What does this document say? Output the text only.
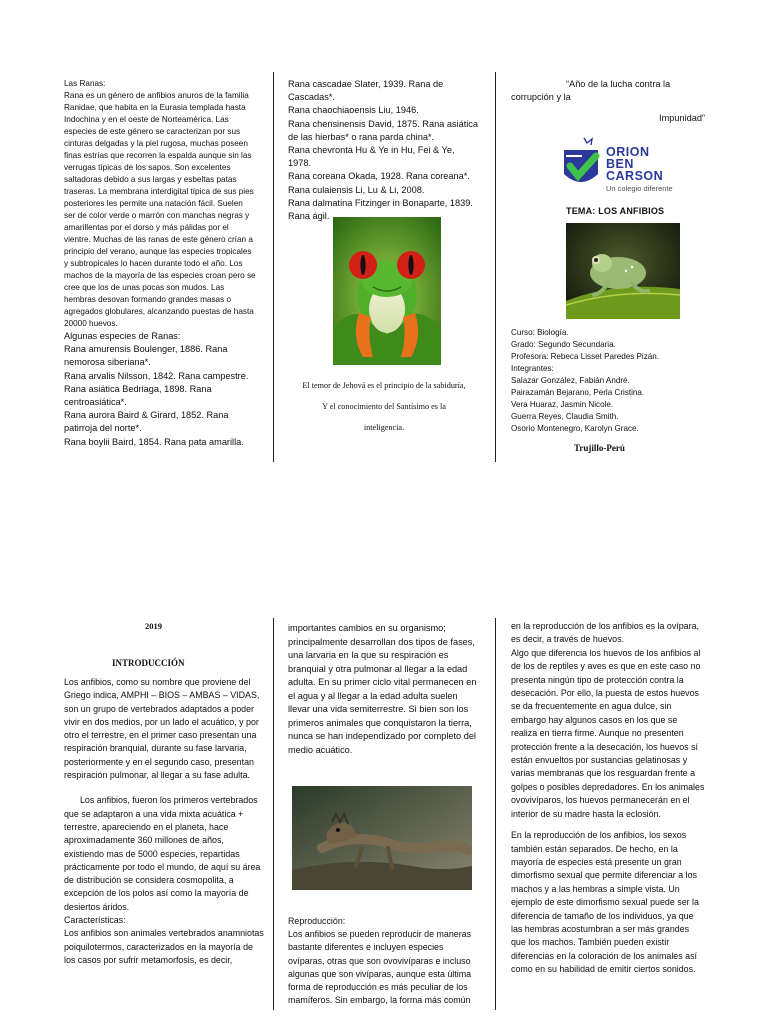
Las Ranas:

Rana es un género de anfibios anuros de la familia Ranidae, que habita en la Eurasia templada hasta Indochina y en el oeste de Norteamérica. Las especies de este género se caracterizan por sus cinturas delgadas y la piel rugosa, muchas poseen finas estrías que recorren la espalda aunque sin las verrugas típicas de los sapos. Son excelentes saltadoras debido a sus largas y esbeltas patas traseras. La membrana interdigital típica de sus pies posteriores les permite una natación fácil. Suelen ser de color verde o marrón con manchas negras y amarillentas por el dorso y más pálidas por el vientre. Muchas de las ranas de este género crían a principio del verano, aunque las especies tropicales y subtropicales lo hacen durante todo el año. Los machos de la mayoría de las especies croan pero se cree que los de unas pocas son mudos. Las hembras desovan formando grandes masas o agregados globulares, alcanzando puestas de hasta 20000 huevos.

Algunas especies de Ranas:

Rana amurensis Boulenger, 1886. Rana nemorosa siberiana*.

Rana arvalis Nilsson, 1842. Rana campestre.

Rana asiática Bedriaga, 1898. Rana centroasiática*.

Rana aurora Baird & Girard, 1852. Rana patirroja del norte*.

Rana boylii Baird, 1854. Rana pata amarilla.

Rana cascadae Slater, 1939. Rana de Cascadas*.

Rana chaochiaoensis Liu, 1946.

Rana chensinensis David, 1875. Rana asiática de las hierbas* o rana parda china*.

Rana chevronta Hu & Ye in Hu, Fei & Ye, 1978.

Rana coreana Okada, 1928. Rana coreana*.

Rana culaiensis Li, Lu & Li, 2008.

Rana dalmatina Fitzinger in Bonaparte, 1839. Rana ágil.

El temor de Jehová es el principio de la sabiduría,

Y el conocimiento del Santísimo es la inteligencia.

“Año de la lucha contra la corrupción y la

Impunidad”

ORION
BEN
CARSON
Un colegio diferente
TEMA: LOS ANFIBIOS

Curso: Biología.

Grado: Segundo Secundaria.

Profesora: Rebeca Lisset Paredes Pizán.

Integrantes:

Salazar González, Fabián André.

Pairazamán Bejarano, Perla Cristina.

Vera Huaraz, Jasmin Nicole.

Guerra Reyes, Claudia Smith.

Osorio Montenegro, Karolyn Grace.

Trujillo-Perú
2019
INTRODUCCIÓN

Los anfibios, como su nombre que proviene del Griego indica, AMPHI – BIOS – AMBAS – VIDAS, son un grupo de vertebrados adaptados a poder vivir en dos medios, por un lado el acuático, y por otro el terrestre, en el primer caso presentan una respiración branquial, durante su fase larvaria, posteriormente y en el segundo caso, presentan respiración pulmonar, al llegar a su fase adulta.

Los anfibios, fueron los primeros vertebrados que se adaptaron a una vida mixta acuática + terrestre, apareciendo en el planeta, hace aproximadamente 360 millones de años, existiendo mas de 5000 especies, repartidas prácticamente por todo el mundo, de aquí su área de distribución se considera cosmopolita, a excepción de los polos así como la mayoría de desiertos áridos.

Características:

Los anfibios son animales vertebrados anamniotas poiquilotermos, caracterizados en la mayoría de los casos por sufrir metamorfosis, es decir,

importantes cambios en su organismo; principalmente desarrollan dos tipos de fases, una larvaria en la que su respiración es branquial y otra pulmonar al llegar a la edad adulta. En su primer ciclo vital permanecen en el agua y al llegar a la edad adulta suelen llevar una vida semiterrestre. Si bien son los primeros animales que conquistaron la tierra, nunca se han independizado por completo del medio acuático.

Reproducción:

Los anfibios se pueden reproducir de maneras bastante diferentes e incluyen especies ovíparas, otras que son ovovivíparas e incluso algunas que son vivíparas, aunque esta última forma de reproducción es más peculiar de los mamíferos. Sin embargo, la forma más común

en la reproducción de los anfibios es la ovípara, es decir, a través de huevos.

Algo que diferencia los huevos de los anfibios al de los de reptiles y aves es que en este caso no presenta ningún tipo de protección contra la desecación. Por ello, la puesta de estos huevos se da frecuentemente en agua dulce, sin embargo hay algunos casos en los que se realiza en tierra firme. Aunque no presenten protección frente a la desecación, los huevos sí están envueltos por sustancias gelatinosas y varias membranas que los resguardan frente a golpes o posibles depredadores. En los animales ovovivíparos, los huevos permanecerán en el interior de su madre hasta la eclosión.

En la reproducción de los anfibios, los sexos también están separados. De hecho, en la mayoría de especies está presente un gran dimorfismo sexual que permite diferenciar a los machos y a las hembras a simple vista. Un ejemplo de este dimorfismo sexual puede ser la diferencia de tamaño de los individuos, ya que las hembras acostumbran a ser más grandes que los machos. También pueden existir diferencias en la coloración de los animales así como en su habilidad de emitir ciertos sonidos.
